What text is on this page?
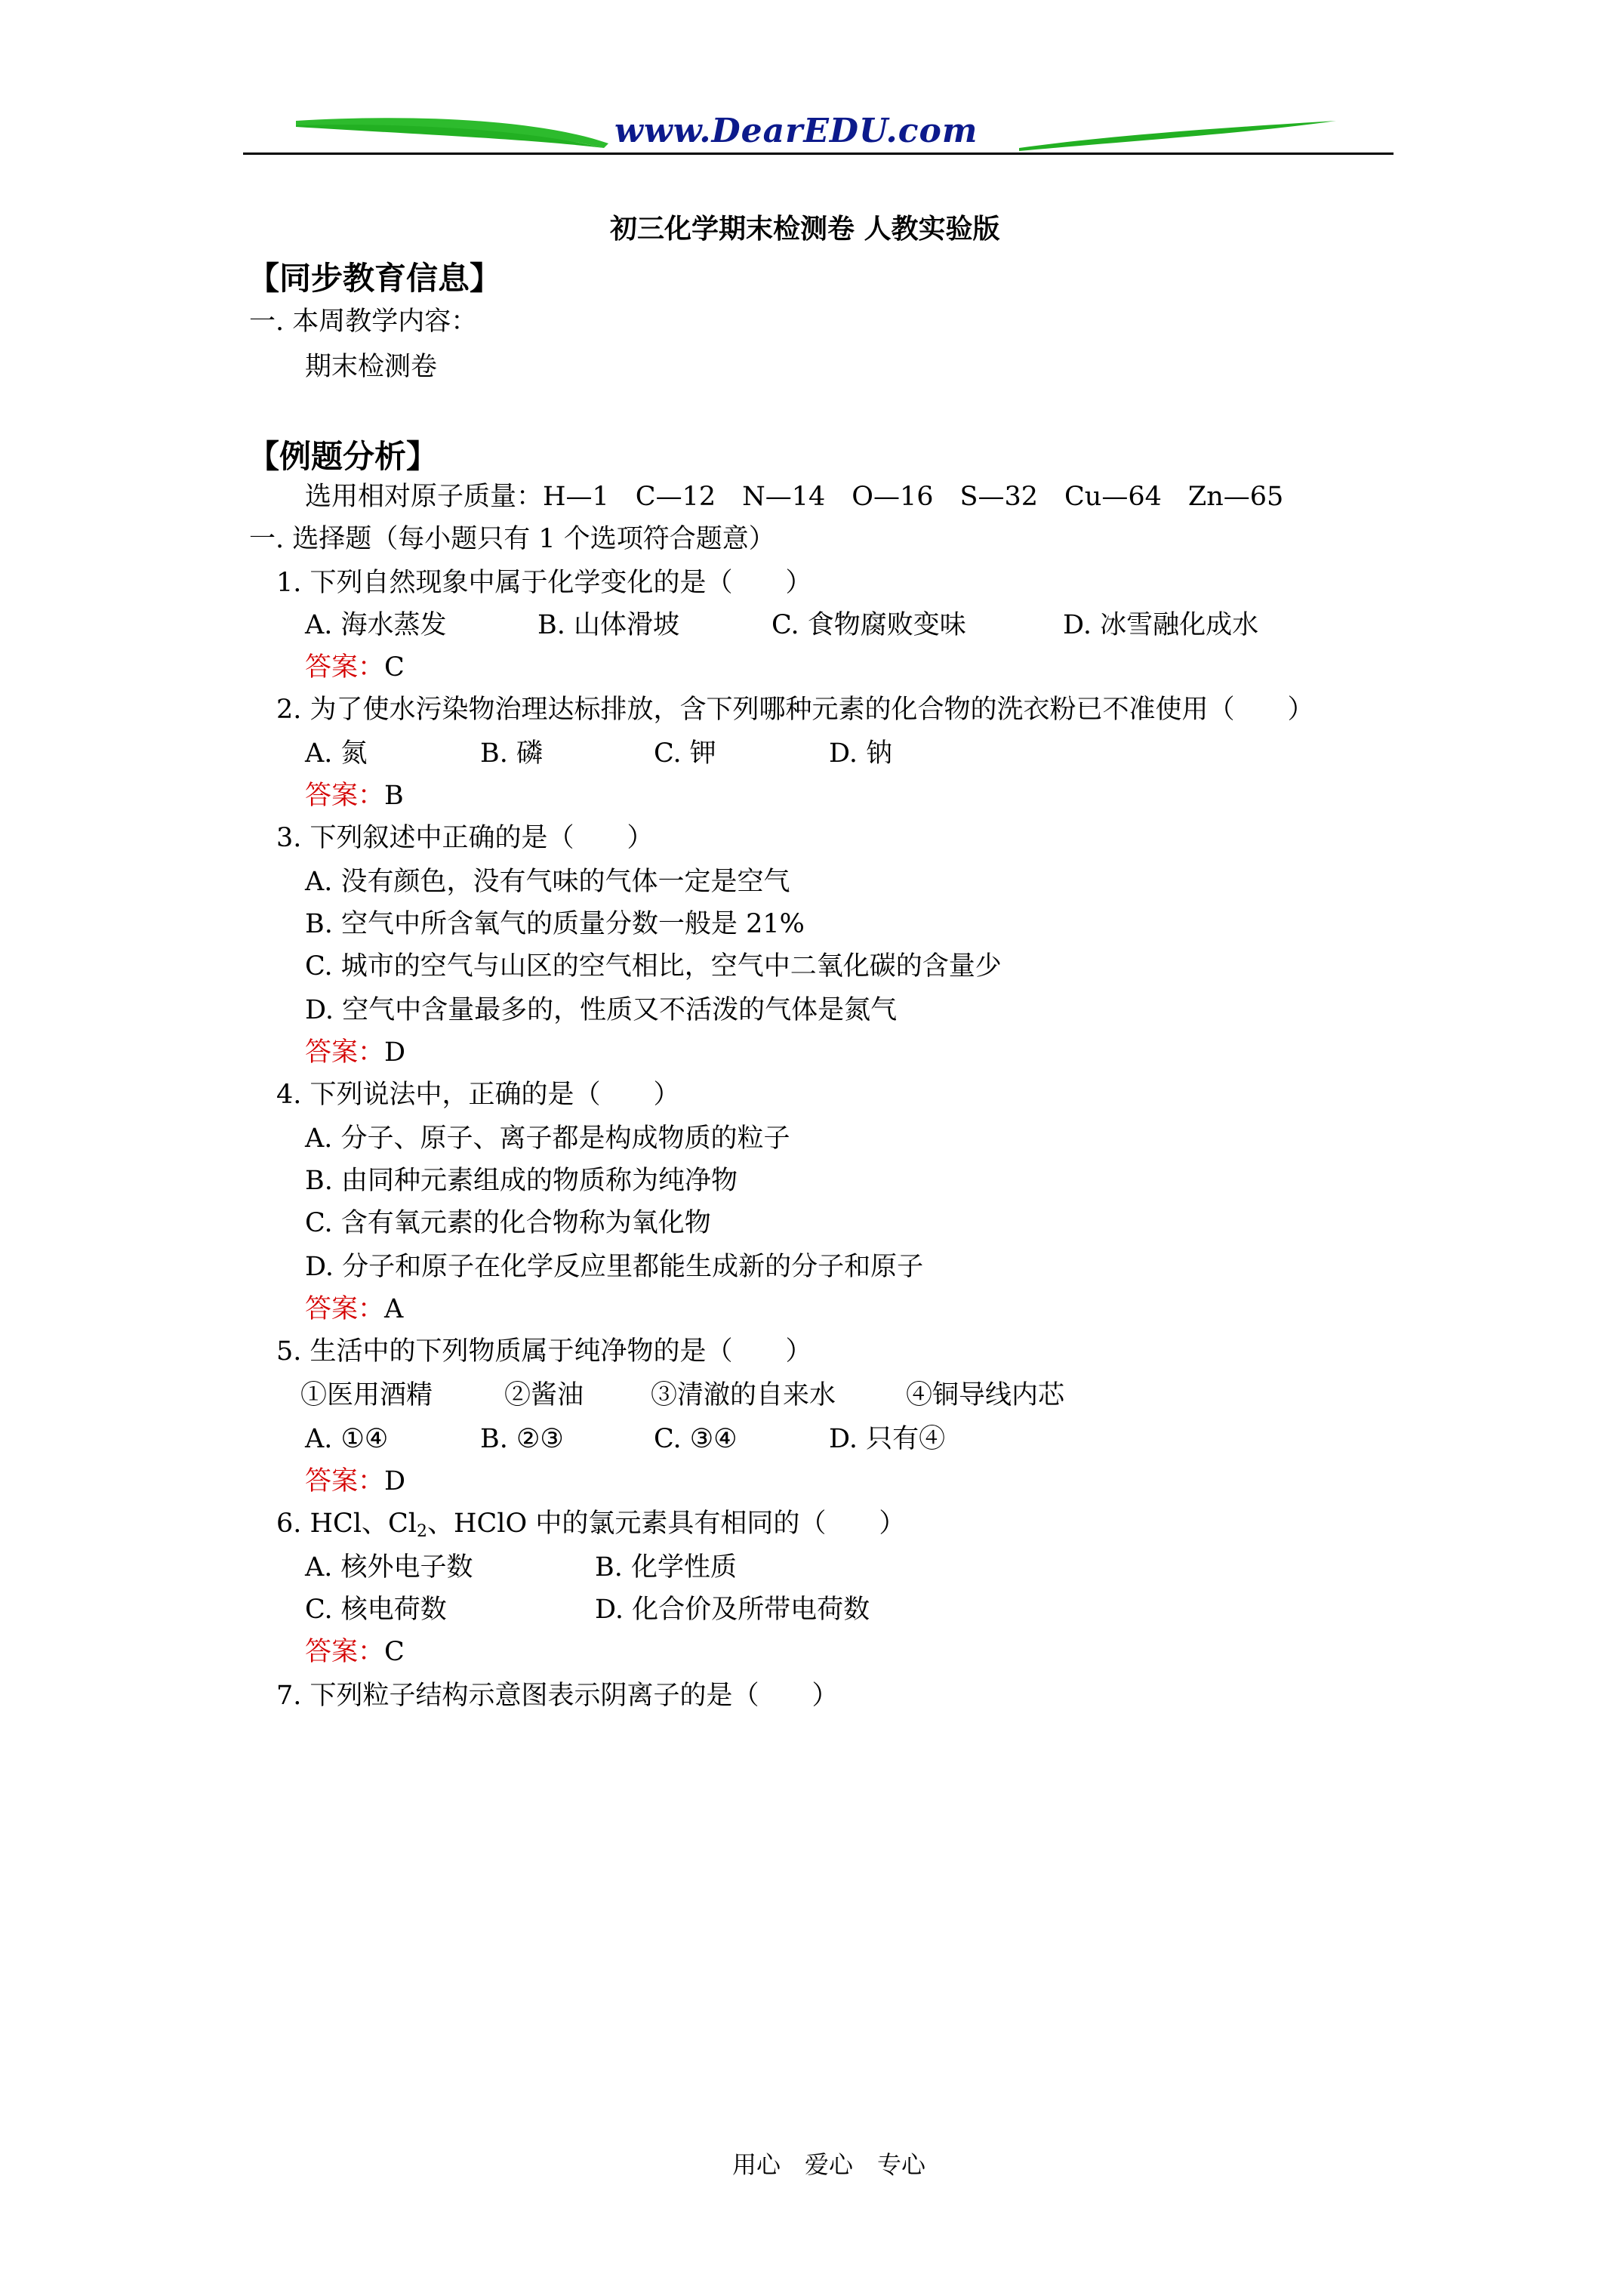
www.DearEDU.com
初三化学期末检测卷 人教实验版
【同步教育信息】
一. 本周教学内容：
期末检测卷
【例题分析】
选用相对原子质量：H—1　C—12　N—14　O—16　S—32　Cu—64　Zn—65
一. 选择题（每小题只有 1 个选项符合题意）
1. 下列自然现象中属于化学变化的是（　　）
A. 海水蒸发	B. 山体滑坡	C. 食物腐败变味	D. 冰雪融化成水
答案：C
2. 为了使水污染物治理达标排放，含下列哪种元素的化合物的洗衣粉已不准使用（　　）
A. 氮	B. 磷	C. 钾	D. 钠
答案：B
3. 下列叙述中正确的是（　　）
A. 没有颜色，没有气味的气体一定是空气
B. 空气中所含氧气的质量分数一般是 21%
C. 城市的空气与山区的空气相比，空气中二氧化碳的含量少
D. 空气中含量最多的，性质又不活泼的气体是氮气
答案：D
4. 下列说法中，正确的是（　　）
A. 分子、原子、离子都是构成物质的粒子
B. 由同种元素组成的物质称为纯净物
C. 含有氧元素的化合物称为氧化物
D. 分子和原子在化学反应里都能生成新的分子和原子
答案：A
5. 生活中的下列物质属于纯净物的是（　　）
①医用酒精	②酱油	③清澈的自来水	④铜导线内芯
A. ①④	B. ②③	C. ③④	D. 只有④
答案：D
6. HCl、$Cl_2$、HClO 中的氯元素具有相同的（　　）
A. 核外电子数	B. 化学性质
C. 核电荷数	D. 化合价及所带电荷数
答案：C
7. 下列粒子结构示意图表示阴离子的是（　　）
用心　爱心　专心
